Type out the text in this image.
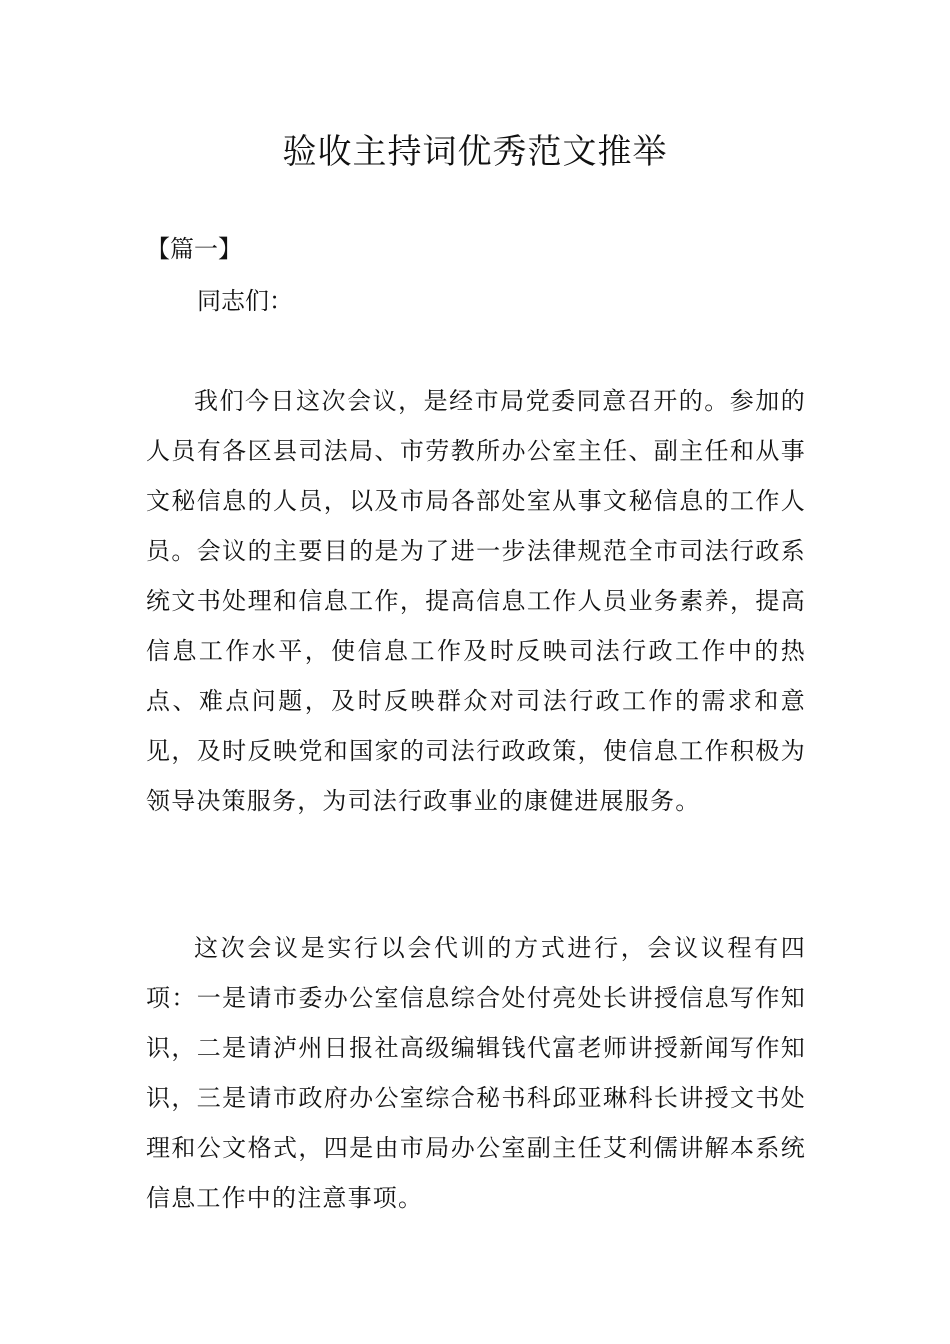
验收主持词优秀范文推举

【篇一】

同志们：

我们今日这次会议，是经市局党委同意召开的。参加的人员有各区县司法局、市劳教所办公室主任、副主任和从事文秘信息的人员，以及市局各部处室从事文秘信息的工作人员。会议的主要目的是为了进一步法律规范全市司法行政系统文书处理和信息工作，提高信息工作人员业务素养，提高信息工作水平，使信息工作及时反映司法行政工作中的热点、难点问题，及时反映群众对司法行政工作的需求和意见，及时反映党和国家的司法行政政策，使信息工作积极为领导决策服务，为司法行政事业的康健进展服务。

这次会议是实行以会代训的方式进行，会议议程有四项：一是请市委办公室信息综合处付亮处长讲授信息写作知识，二是请泸州日报社高级编辑钱代富老师讲授新闻写作知识，三是请市政府办公室综合秘书科邱亚琳科长讲授文书处理和公文格式，四是由市局办公室副主任艾利儒讲解本系统信息工作中的注意事项。
